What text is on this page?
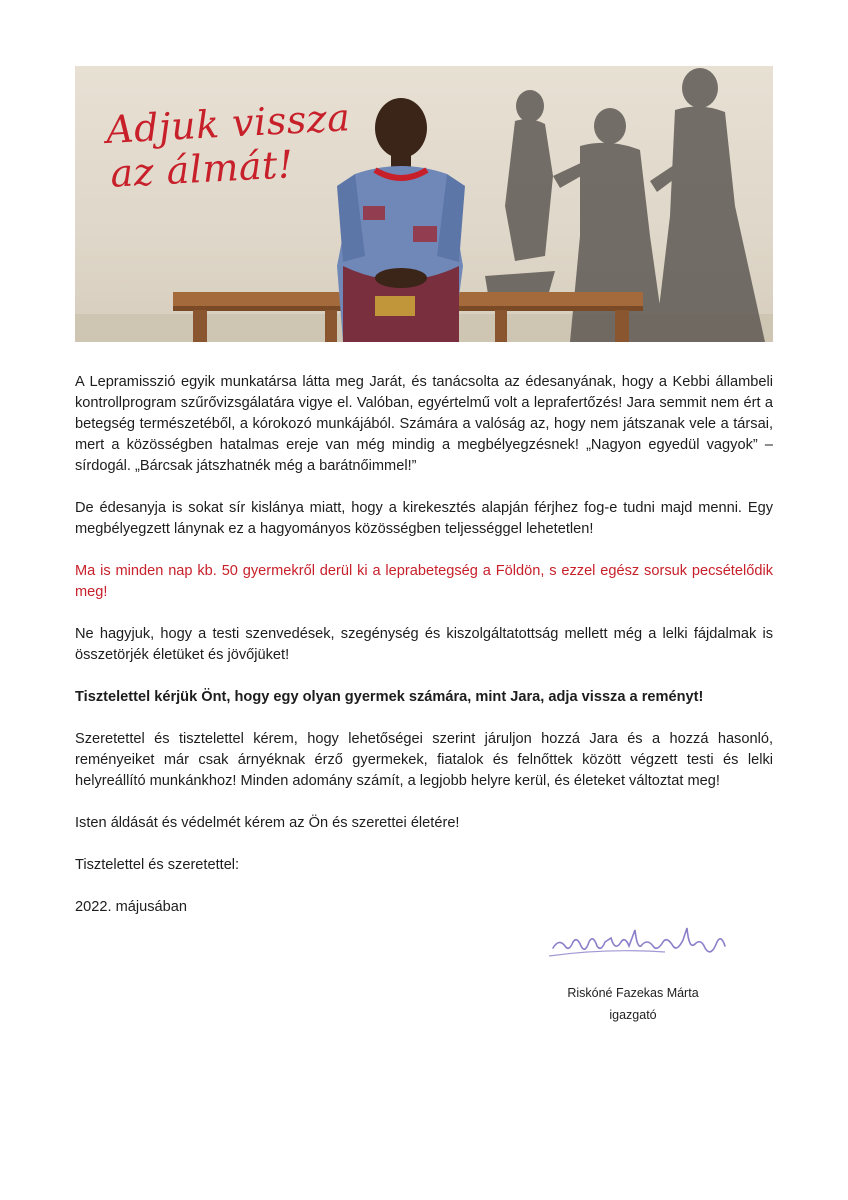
Adjuk vissza
az álmát!

A Lepramisszió egyik munkatársa látta meg Jarát, és tanácsolta az édesanyának, hogy a Kebbi állambeli kontrollprogram szűrővizsgálatára vigye el. Valóban, egyértelmű volt a leprafertőzés! Jara semmit nem ért a betegség természetéből, a kórokozó munkájából. Számára a valóság az, hogy nem játszanak vele a társai, mert a közösségben hatalmas ereje van még mindig a megbélyegzésnek! „Nagyon egyedül vagyok” – sírdogál. „Bárcsak játszhatnék még a barátnőimmel!”

De édesanyja is sokat sír kislánya miatt, hogy a kirekesztés alapján férjhez fog-e tudni majd menni. Egy megbélyegzett lánynak ez a hagyományos közösségben teljességgel lehetetlen!

Ma is minden nap kb. 50 gyermekről derül ki a leprabetegség a Földön, s ezzel egész sorsuk pecsételődik meg!

Ne hagyjuk, hogy a testi szenvedések, szegénység és kiszolgáltatottság mellett még a lelki fájdalmak is összetörjék életüket és jövőjüket!

Tisztelettel kérjük Önt, hogy egy olyan gyermek számára, mint Jara, adja vissza a reményt!

Szeretettel és tisztelettel kérem, hogy lehetőségei szerint járuljon hozzá Jara és a hozzá hasonló, reményeiket már csak árnyéknak érző gyermekek, fiatalok és felnőttek között végzett testi és lelki helyreállító munkánkhoz! Minden adomány számít, a legjobb helyre kerül, és életeket változtat meg!

Isten áldását és védelmét kérem az Ön és szerettei életére!

Tisztelettel és szeretettel:

2022. májusában

Riskóné Fazekas Márta
igazgató
